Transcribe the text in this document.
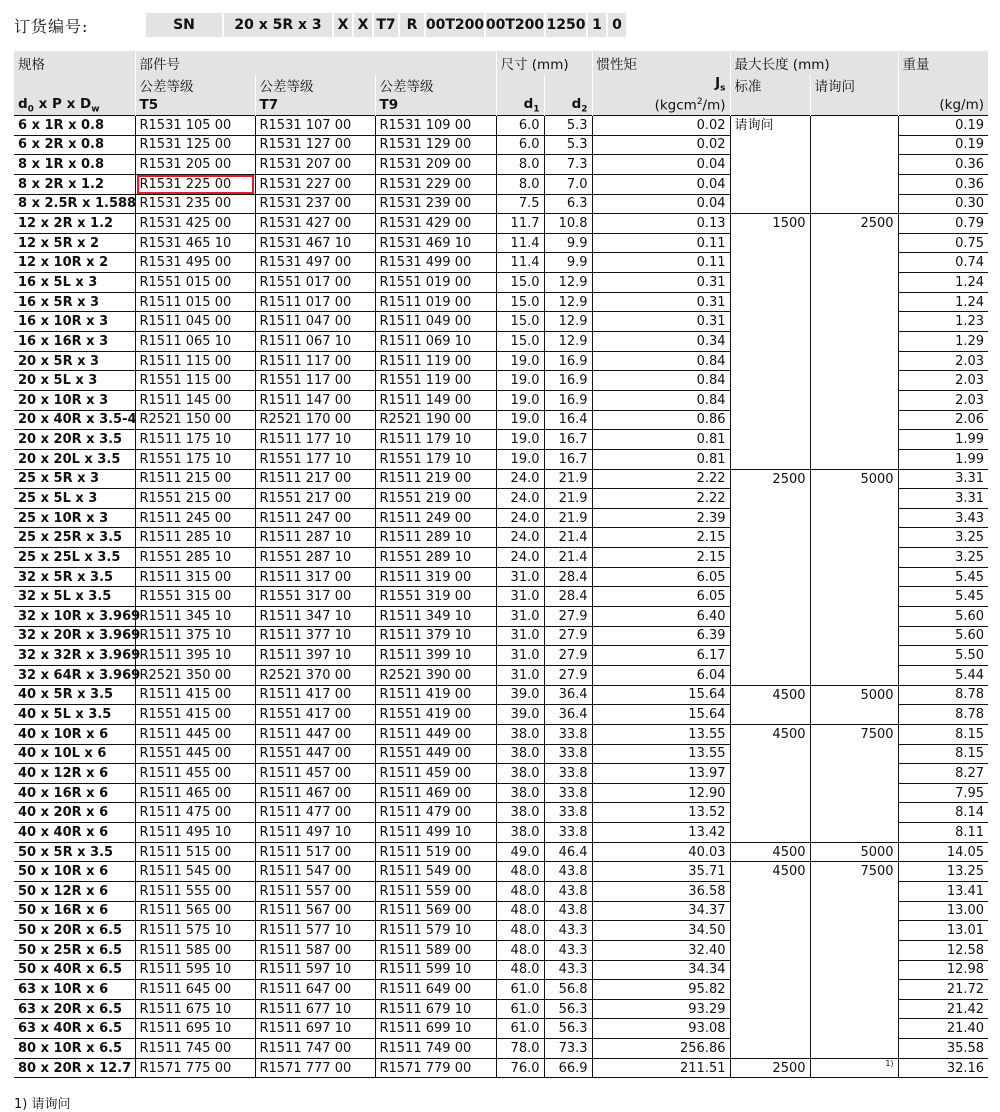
订货编号:	SN	20 x 5R x 3	X X T7 R 00T200 00T200 1250 1 0
规格	部件号			尺寸 (mm)		惯性矩	最大长度 (mm)		重量
	公差等级	公差等级	公差等级			$J_s$	标准	请询问	
$d_0$ x P x $D_w$	T5	T7	T9	$d_1$	$d_2$	(kgcm$^2$/m)			(kg/m)
6 x 1R x 0.8	R1531 105 00	R1531 107 00	R1531 109 00	6.0	5.3	0.02	请询问		0.19
6 x 2R x 0.8	R1531 125 00	R1531 127 00	R1531 129 00	6.0	5.3	0.02			0.19
8 x 1R x 0.8	R1531 205 00	R1531 207 00	R1531 209 00	8.0	7.3	0.04			0.36
8 x 2R x 1.2	R1531 225 00	R1531 227 00	R1531 229 00	8.0	7.0	0.04			0.36
8 x 2.5R x 1.588	R1531 235 00	R1531 237 00	R1531 239 00	7.5	6.3	0.04			0.30
12 x 2R x 1.2	R1531 425 00	R1531 427 00	R1531 429 00	11.7	10.8	0.13	1500	2500	0.79
12 x 5R x 2	R1531 465 10	R1531 467 10	R1531 469 10	11.4	9.9	0.11			0.75
12 x 10R x 2	R1531 495 00	R1531 497 00	R1531 499 00	11.4	9.9	0.11			0.74
16 x 5L x 3	R1551 015 00	R1551 017 00	R1551 019 00	15.0	12.9	0.31			1.24
16 x 5R x 3	R1511 015 00	R1511 017 00	R1511 019 00	15.0	12.9	0.31			1.24
16 x 10R x 3	R1511 045 00	R1511 047 00	R1511 049 00	15.0	12.9	0.31			1.23
16 x 16R x 3	R1511 065 10	R1511 067 10	R1511 069 10	15.0	12.9	0.34			1.29
20 x 5R x 3	R1511 115 00	R1511 117 00	R1511 119 00	19.0	16.9	0.84			2.03
20 x 5L x 3	R1551 115 00	R1551 117 00	R1551 119 00	19.0	16.9	0.84			2.03
20 x 10R x 3	R1511 145 00	R1511 147 00	R1511 149 00	19.0	16.9	0.84			2.03
20 x 40R x 3.5-4	R2521 150 00	R2521 170 00	R2521 190 00	19.0	16.4	0.86			2.06
20 x 20R x 3.5	R1511 175 10	R1511 177 10	R1511 179 10	19.0	16.7	0.81			1.99
20 x 20L x 3.5	R1551 175 10	R1551 177 10	R1551 179 10	19.0	16.7	0.81			1.99
25 x 5R x 3	R1511 215 00	R1511 217 00	R1511 219 00	24.0	21.9	2.22	2500	5000	3.31
25 x 5L x 3	R1551 215 00	R1551 217 00	R1551 219 00	24.0	21.9	2.22			3.31
25 x 10R x 3	R1511 245 00	R1511 247 00	R1511 249 00	24.0	21.9	2.39			3.43
25 x 25R x 3.5	R1511 285 10	R1511 287 10	R1511 289 10	24.0	21.4	2.15			3.25
25 x 25L x 3.5	R1551 285 10	R1551 287 10	R1551 289 10	24.0	21.4	2.15			3.25
32 x 5R x 3.5	R1511 315 00	R1511 317 00	R1511 319 00	31.0	28.4	6.05			5.45
32 x 5L x 3.5	R1551 315 00	R1551 317 00	R1551 319 00	31.0	28.4	6.05			5.45
32 x 10R x 3.969	R1511 345 10	R1511 347 10	R1511 349 10	31.0	27.9	6.40			5.60
32 x 20R x 3.969	R1511 375 10	R1511 377 10	R1511 379 10	31.0	27.9	6.39			5.60
32 x 32R x 3.969	R1511 395 10	R1511 397 10	R1511 399 10	31.0	27.9	6.17			5.50
32 x 64R x 3.969	R2521 350 00	R2521 370 00	R2521 390 00	31.0	27.9	6.04			5.44
40 x 5R x 3.5	R1511 415 00	R1511 417 00	R1511 419 00	39.0	36.4	15.64	4500	5000	8.78
40 x 5L x 3.5	R1551 415 00	R1551 417 00	R1551 419 00	39.0	36.4	15.64			8.78
40 x 10R x 6	R1511 445 00	R1511 447 00	R1511 449 00	38.0	33.8	13.55	4500	7500	8.15
40 x 10L x 6	R1551 445 00	R1551 447 00	R1551 449 00	38.0	33.8	13.55			8.15
40 x 12R x 6	R1511 455 00	R1511 457 00	R1511 459 00	38.0	33.8	13.97			8.27
40 x 16R x 6	R1511 465 00	R1511 467 00	R1511 469 00	38.0	33.8	12.90			7.95
40 x 20R x 6	R1511 475 00	R1511 477 00	R1511 479 00	38.0	33.8	13.52			8.14
40 x 40R x 6	R1511 495 10	R1511 497 10	R1511 499 10	38.0	33.8	13.42			8.11
50 x 5R x 3.5	R1511 515 00	R1511 517 00	R1511 519 00	49.0	46.4	40.03	4500	5000	14.05
50 x 10R x 6	R1511 545 00	R1511 547 00	R1511 549 00	48.0	43.8	35.71	4500	7500	13.25
50 x 12R x 6	R1511 555 00	R1511 557 00	R1511 559 00	48.0	43.8	36.58			13.41
50 x 16R x 6	R1511 565 00	R1511 567 00	R1511 569 00	48.0	43.8	34.37			13.00
50 x 20R x 6.5	R1511 575 10	R1511 577 10	R1511 579 10	48.0	43.3	34.50			13.01
50 x 25R x 6.5	R1511 585 00	R1511 587 00	R1511 589 00	48.0	43.3	32.40			12.58
50 x 40R x 6.5	R1511 595 10	R1511 597 10	R1511 599 10	48.0	43.3	34.34			12.98
63 x 10R x 6	R1511 645 00	R1511 647 00	R1511 649 00	61.0	56.8	95.82			21.72
63 x 20R x 6.5	R1511 675 10	R1511 677 10	R1511 679 10	61.0	56.3	93.29			21.42
63 x 40R x 6.5	R1511 695 10	R1511 697 10	R1511 699 10	61.0	56.3	93.08			21.40
80 x 10R x 6.5	R1511 745 00	R1511 747 00	R1511 749 00	78.0	73.3	256.86			35.58
80 x 20R x 12.7	R1571 775 00	R1571 777 00	R1571 779 00	76.0	66.9	211.51	2500	1)	32.16
1) 请询问
